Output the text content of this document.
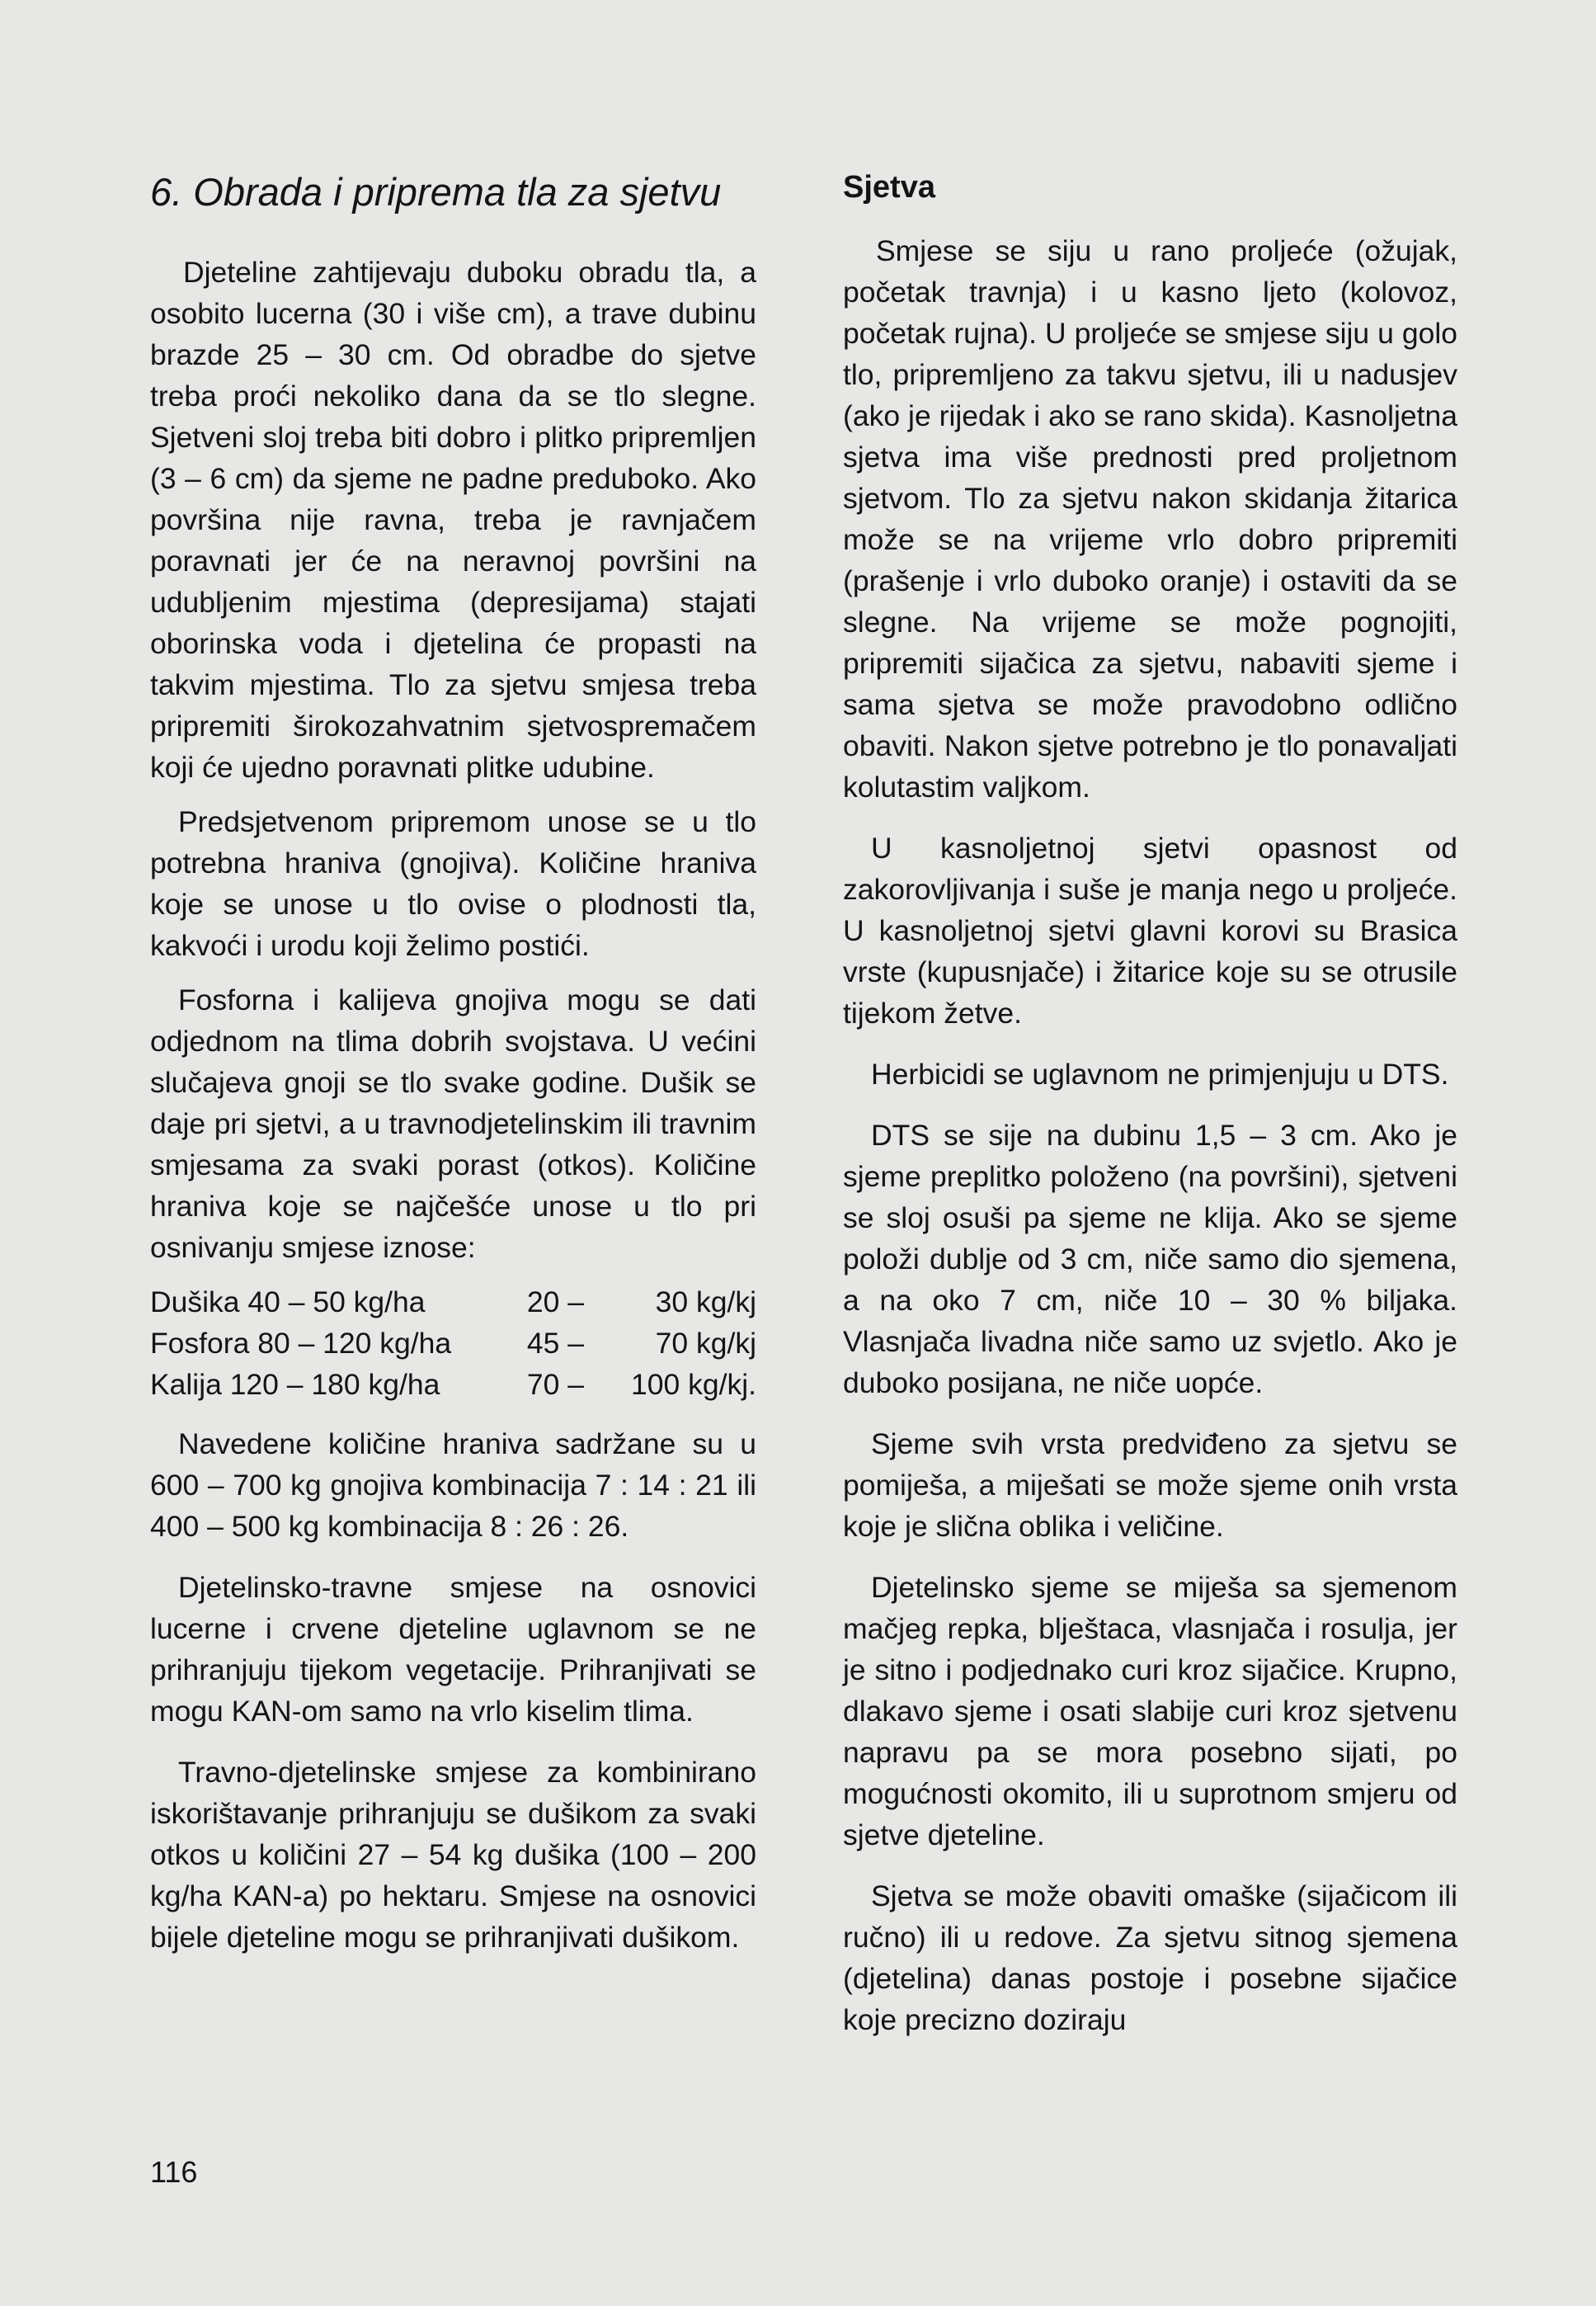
6. Obrada i priprema tla za sjetvu

Djeteline zahtijevaju duboku obradu tla, a osobito lucerna (30 i više cm), a trave dubinu brazde 25 – 30 cm. Od obradbe do sjetve treba proći nekoliko dana da se tlo slegne. Sjetveni sloj treba biti dobro i plitko pripremljen (3 – 6 cm) da sjeme ne padne preduboko. Ako površina nije ravna, treba je ravnjačem poravnati jer će na neravnoj površini na udubljenim mjestima (depresijama) stajati oborinska voda i djetelina će propasti na takvim mjestima. Tlo za sjetvu smjesa treba pripremiti širokozahvatnim sjetvospremačem koji će ujedno poravnati plitke udubine.

Predsjetvenom pripremom unose se u tlo potrebna hraniva (gnojiva). Količine hraniva koje se unose u tlo ovise o plodnosti tla, kakvoći i urodu koji želimo postići.

Fosforna i kalijeva gnojiva mogu se dati odjednom na tlima dobrih svojstava. U većini slučajeva gnoji se tlo svake godine. Dušik se daje pri sjetvi, a u travnodjetelinskim ili travnim smjesama za svaki porast (otkos). Količine hraniva koje se najčešće unose u tlo pri osnivanju smjese iznose:

Dušika 40 – 50 kg/ha	20 –	30 kg/kj
Fosfora 80 – 120 kg/ha	45 –	70 kg/kj
Kalija 120 – 180 kg/ha	70 –	100 kg/kj.

Navedene količine hraniva sadržane su u 600 – 700 kg gnojiva kombinacija 7 : 14 : 21 ili 400 – 500 kg kombinacija 8 : 26 : 26.

Djetelinsko-travne smjese na osnovici lucerne i crvene djeteline uglavnom se ne prihranjuju tijekom vegetacije. Prihranjivati se mogu KAN-om samo na vrlo kiselim tlima.

Travno-djetelinske smjese za kombinirano iskorištavanje prihranjuju se dušikom za svaki otkos u količini 27 – 54 kg dušika (100 – 200 kg/ha KAN-a) po hektaru. Smjese na osnovici bijele djeteline mogu se prihranjivati dušikom.

Sjetva

Smjese se siju u rano proljeće (ožujak, početak travnja) i u kasno ljeto (kolovoz, početak rujna). U proljeće se smjese siju u golo tlo, pripremljeno za takvu sjetvu, ili u nadusjev (ako je rijedak i ako se rano skida). Kasnoljetna sjetva ima više prednosti pred proljetnom sjetvom. Tlo za sjetvu nakon skidanja žitarica može se na vrijeme vrlo dobro pripremiti (prašenje i vrlo duboko oranje) i ostaviti da se slegne. Na vrijeme se može pognojiti, pripremiti sijačica za sjetvu, nabaviti sjeme i sama sjetva se može pravodobno odlično obaviti. Nakon sjetve potrebno je tlo ponavaljati kolutastim valjkom.

U kasnoljetnoj sjetvi opasnost od zakorovljivanja i suše je manja nego u proljeće. U kasnoljetnoj sjetvi glavni korovi su Brasica vrste (kupusnjače) i žitarice koje su se otrusile tijekom žetve.

Herbicidi se uglavnom ne primjenjuju u DTS.

DTS se sije na dubinu 1,5 – 3 cm. Ako je sjeme preplitko položeno (na površini), sjetveni se sloj osuši pa sjeme ne klija. Ako se sjeme položi dublje od 3 cm, niče samo dio sjemena, a na oko 7 cm, niče 10 – 30 % biljaka. Vlasnjača livadna niče samo uz svjetlo. Ako je duboko posijana, ne niče uopće.

Sjeme svih vrsta predviđeno za sjetvu se pomiješa, a miješati se može sjeme onih vrsta koje je slična oblika i veličine.

Djetelinsko sjeme se miješa sa sjemenom mačjeg repka, blještaca, vlasnjača i rosulja, jer je sitno i podjednako curi kroz sijačice. Krupno, dlakavo sjeme i osati slabije curi kroz sjetvenu napravu pa se mora posebno sijati, po mogućnosti okomito, ili u suprotnom smjeru od sjetve djeteline.

Sjetva se može obaviti omaške (sijačicom ili ručno) ili u redove. Za sjetvu sitnog sjemena (djetelina) danas postoje i posebne sijačice koje precizno doziraju

116
